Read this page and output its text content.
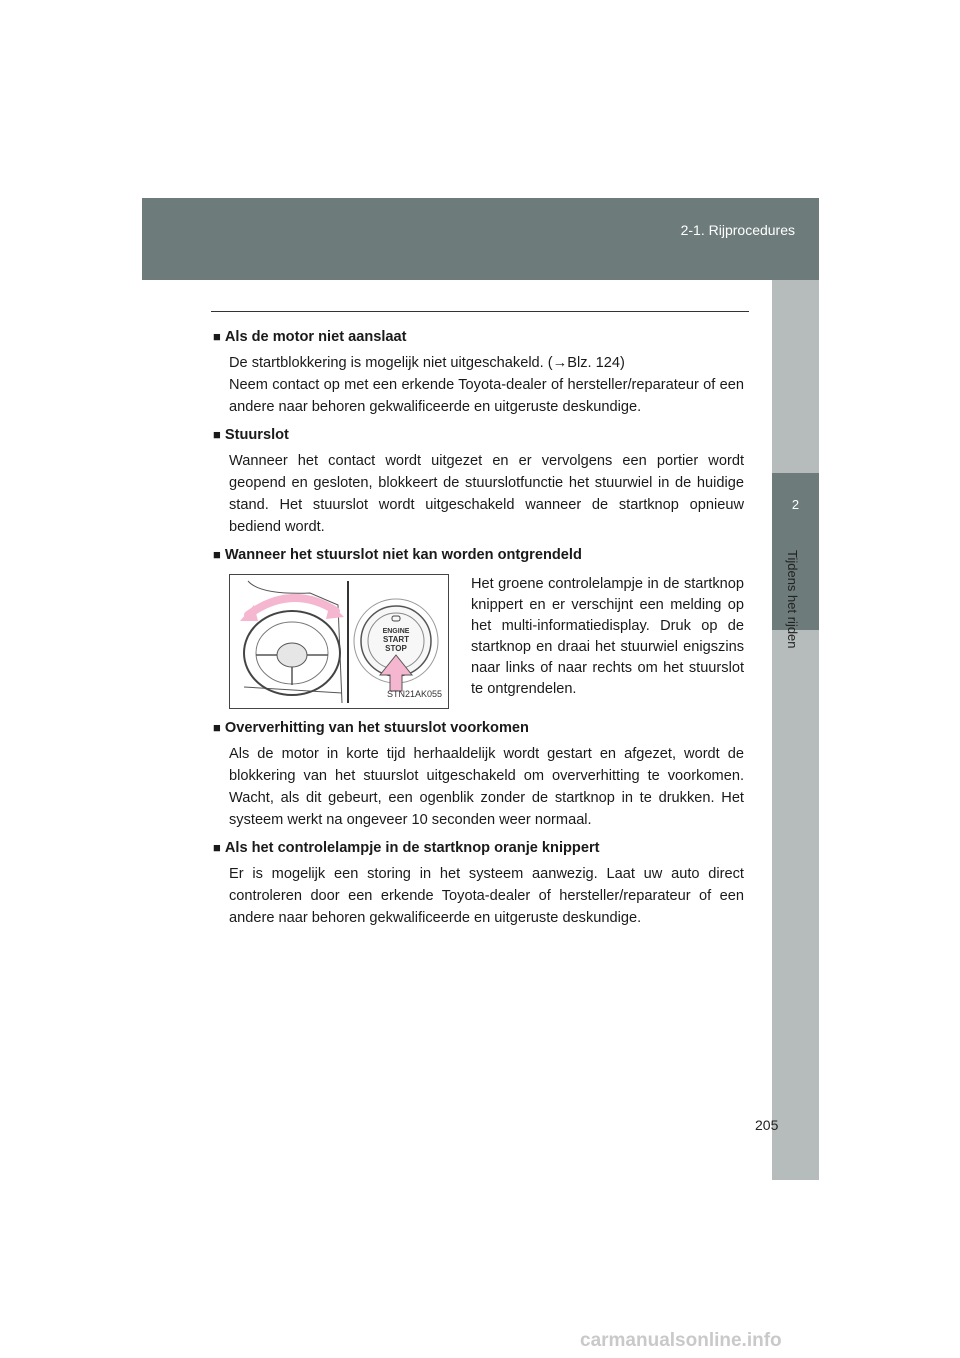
2-1. Rijprocedures
2
Tijdens het rijden

■ Als de motor niet aanslaat

De startblokkering is mogelijk niet uitgeschakeld. (→Blz. 124)
Neem contact op met een erkende Toyota-dealer of hersteller/reparateur of een andere naar behoren gekwalificeerde en uitgeruste deskundige.

■ Stuurslot

Wanneer het contact wordt uitgezet en er vervolgens een portier wordt geopend en gesloten, blokkeert de stuurslotfunctie het stuurwiel in de huidige stand. Het stuurslot wordt uitgeschakeld wanneer de startknop opnieuw bediend wordt.

■ Wanneer het stuurslot niet kan worden ontgrendeld

ENGINE
START
STOP
STN21AK055
Het groene controlelampje in de startknop knippert en er verschijnt een melding op het multi-informatiedisplay. Druk op de startknop en draai het stuurwiel enigszins naar links of naar rechts om het stuurslot te ontgrendelen.

■ Oververhitting van het stuurslot voorkomen

Als de motor in korte tijd herhaaldelijk wordt gestart en afgezet, wordt de blokkering van het stuurslot uitgeschakeld om oververhitting te voorkomen. Wacht, als dit gebeurt, een ogenblik zonder de startknop in te drukken. Het systeem werkt na ongeveer 10 seconden weer normaal.

■ Als het controlelampje in de startknop oranje knippert

Er is mogelijk een storing in het systeem aanwezig. Laat uw auto direct controleren door een erkende Toyota-dealer of hersteller/reparateur of een andere naar behoren gekwalificeerde en uitgeruste deskundige.
205
carmanualsonline.info
